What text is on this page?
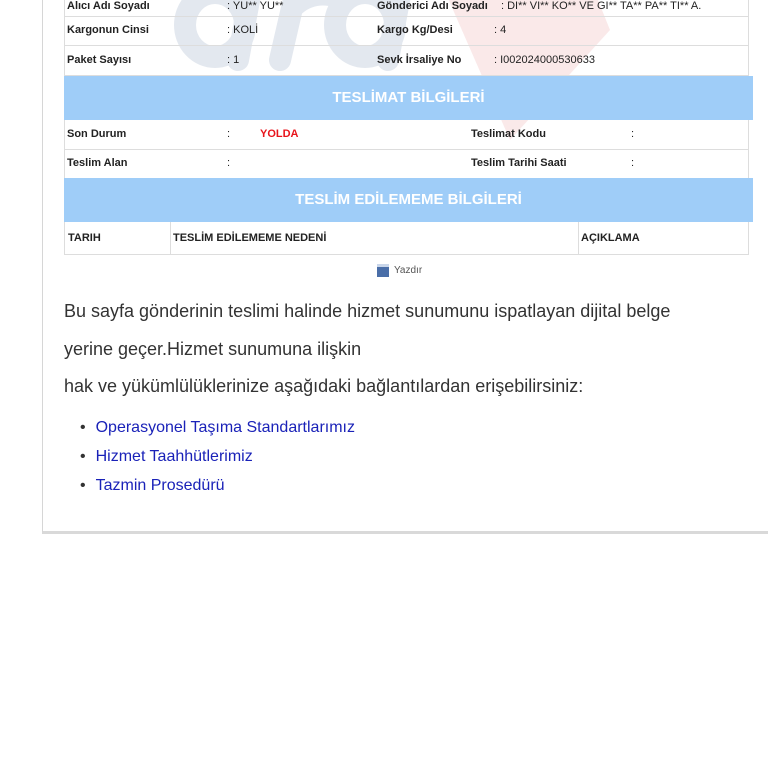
Alıcı Adı Soyadı	: YU** YU**	Gönderici Adı Soyadı : DI** VI** KO** VE GI** TA** PA** TI** A.
Kargonun Cinsi	: KOLİ	Kargo Kg/Desi	: 4
Paket Sayısı	: 1	Sevk İrsaliye No	: I002024000530633
TESLİMAT BİLGİLERİ
Son Durum	:	YOLDA	Teslimat Kodu	:
Teslim Alan	:	Teslim Tarihi Saati	:
TESLİM EDİLEMEME BİLGİLERİ
TARIH	TESLİM EDİLEMEME NEDENİ	AÇIKLAMA
Yazdır
Bu sayfa gönderinin teslimi halinde hizmet sunumunu ispatlayan dijital belge
yerine geçer.Hizmet sunumuna ilişkin
hak ve yükümlülüklerinize aşağıdaki bağlantılardan erişebilirsiniz:
• Operasyonel Taşıma Standartlarımız
• Hizmet Taahhütlerimiz
• Tazmin Prosedürü
